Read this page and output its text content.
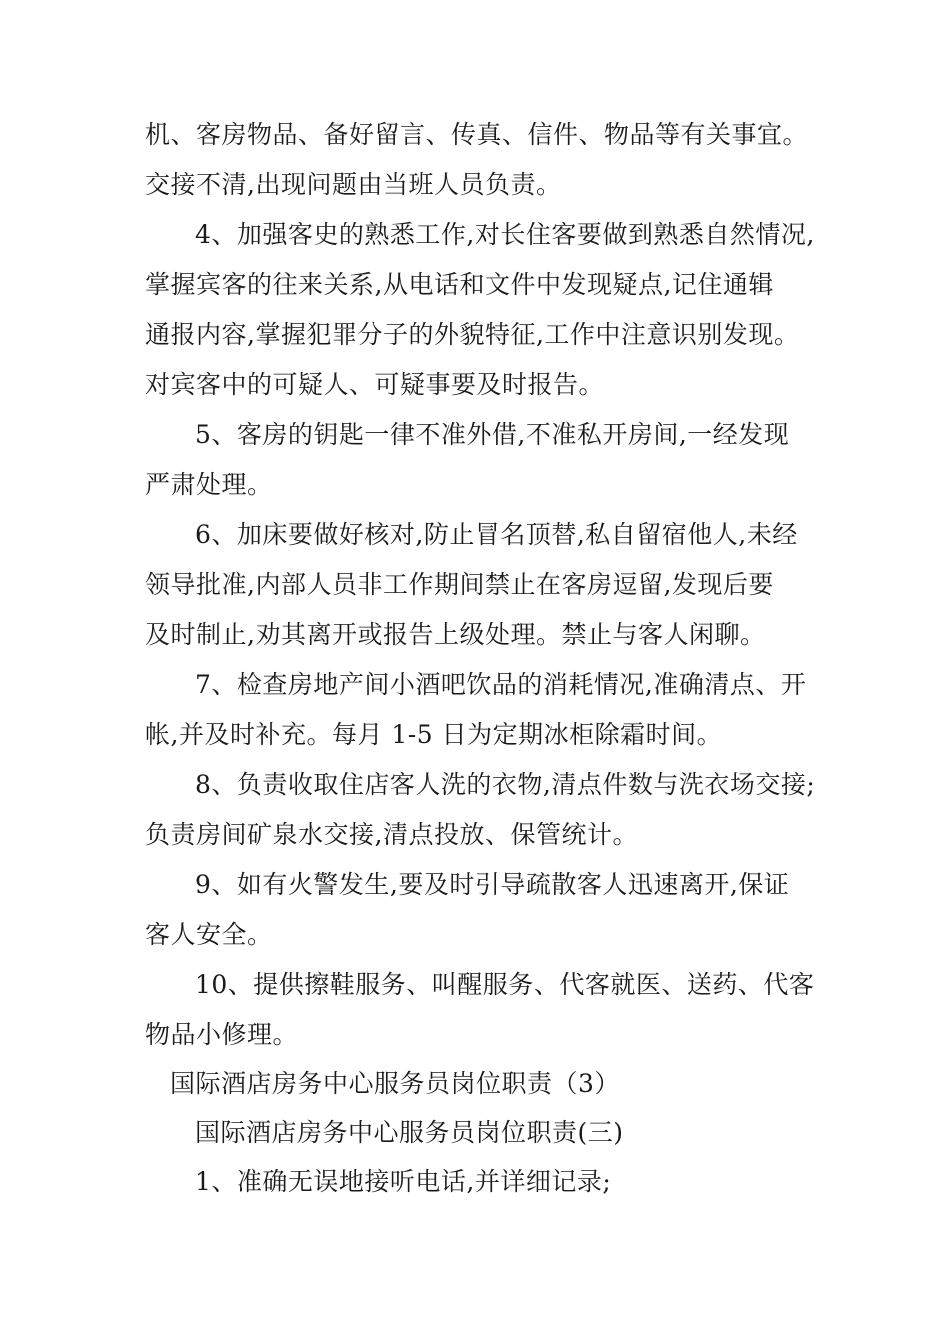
机、客房物品、备好留言、传真、信件、物品等有关事宜。
交接不清,出现问题由当班人员负责。
4、加强客史的熟悉工作,对长住客要做到熟悉自然情况,
掌握宾客的往来关系,从电话和文件中发现疑点,记住通辑
通报内容,掌握犯罪分子的外貌特征,工作中注意识别发现。
对宾客中的可疑人、可疑事要及时报告。
5、客房的钥匙一律不准外借,不准私开房间,一经发现
严肃处理。
6、加床要做好核对,防止冒名顶替,私自留宿他人,未经
领导批准,内部人员非工作期间禁止在客房逗留,发现后要
及时制止,劝其离开或报告上级处理。禁止与客人闲聊。
7、检查房地产间小酒吧饮品的消耗情况,准确清点、开
帐,并及时补充。每月 1-5 日为定期冰柜除霜时间。
8、负责收取住店客人洗的衣物,清点件数与洗衣场交接;
负责房间矿泉水交接,清点投放、保管统计。
9、如有火警发生,要及时引导疏散客人迅速离开,保证
客人安全。
10、提供擦鞋服务、叫醒服务、代客就医、送药、代客
物品小修理。
国际酒店房务中心服务员岗位职责（3）
国际酒店房务中心服务员岗位职责(三)
1、准确无误地接听电话,并详细记录;
